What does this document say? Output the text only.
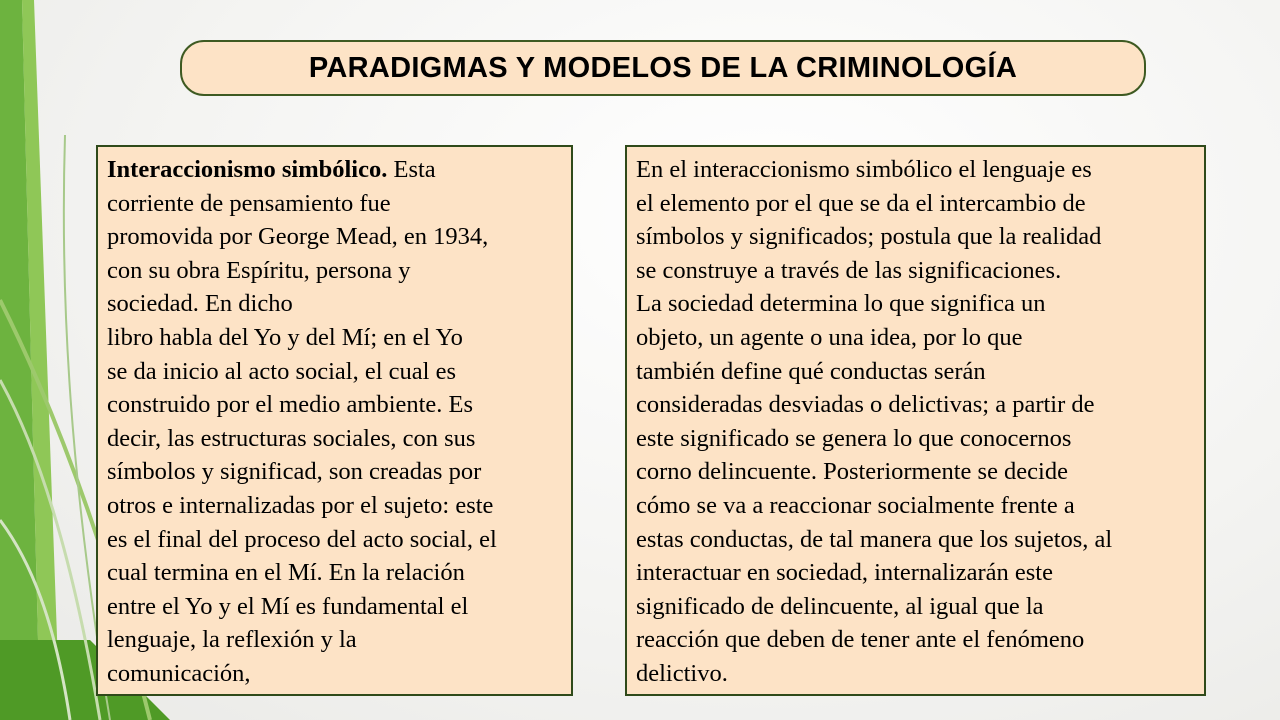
PARADIGMAS Y MODELOS DE LA CRIMINOLOGÍA

Interaccionismo simbólico. Esta

corriente de pensamiento fue

promovida por George Mead, en 1934,

con su obra Espíritu, persona y

sociedad. En dicho

libro habla del Yo y del Mí; en el Yo

se da inicio al acto social, el cual es

construido por el medio ambiente. Es

decir, las estructuras sociales, con sus

símbolos y significad, son creadas por

otros e internalizadas por el sujeto: este

es el final del proceso del acto social, el

cual termina en el Mí. En la relación

entre el Yo y el Mí es fundamental el

lenguaje, la reflexión y la

comunicación,

En el interaccionismo simbólico el lenguaje es

el elemento por el que se da el intercambio de

símbolos y significados; postula que la realidad

se construye a través de las significaciones.

La sociedad determina lo que significa un

objeto, un agente o una idea, por lo que

también define qué conductas serán

consideradas desviadas o delictivas; a partir de

este significado se genera lo que conocernos

corno delincuente. Posteriormente se decide

cómo se va a reaccionar socialmente frente a

estas conductas, de tal manera que los sujetos, al

interactuar en sociedad, internalizarán este

significado de delincuente, al igual que la

reacción que deben de tener ante el fenómeno

delictivo.
